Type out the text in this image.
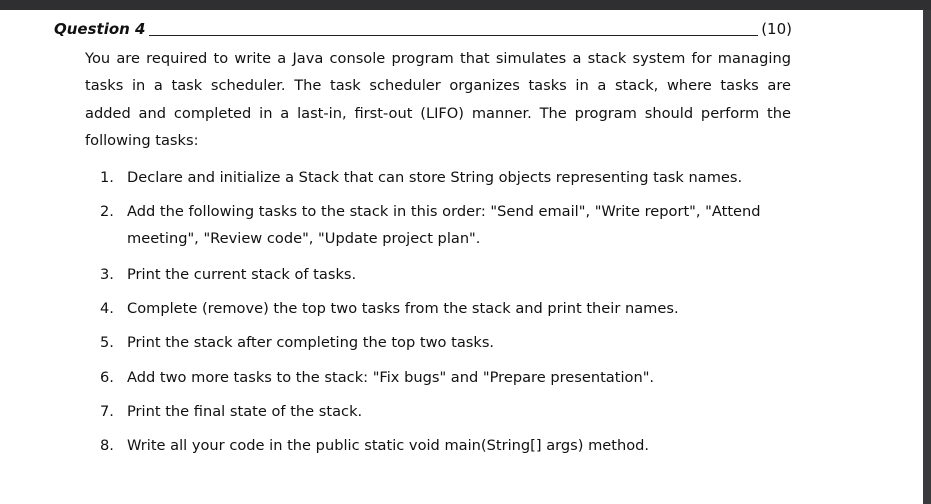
Question 4	(10)

You are required to write a Java console program that simulates a stack system for managing
tasks in a task scheduler. The task scheduler organizes tasks in a stack, where tasks are
added and completed in a last-in, first-out (LIFO) manner. The program should perform the
following tasks:

1. Declare and initialize a Stack that can store String objects representing task names.
2. Add the following tasks to the stack in this order: "Send email", "Write report", "Attend
meeting", "Review code", "Update project plan".
3. Print the current stack of tasks.
4. Complete (remove) the top two tasks from the stack and print their names.
5. Print the stack after completing the top two tasks.
6. Add two more tasks to the stack: "Fix bugs" and "Prepare presentation".
7. Print the final state of the stack.
8. Write all your code in the public static void main(String[] args) method.
